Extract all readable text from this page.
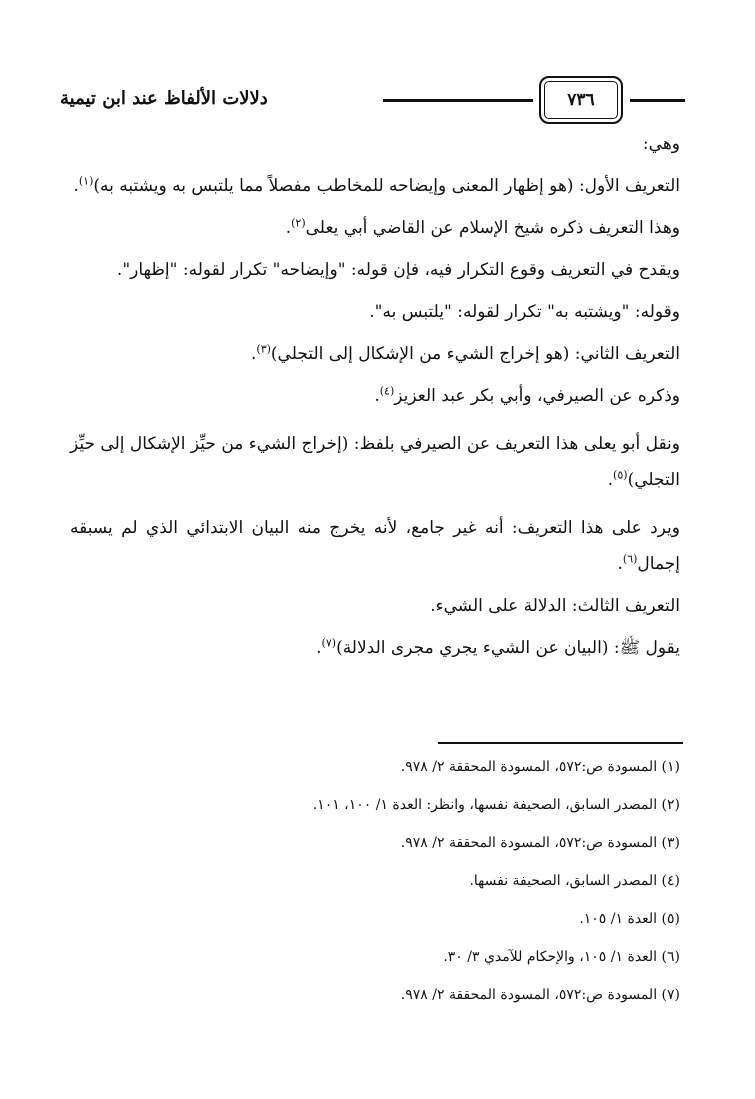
٧٣٦
دلالات الألفاظ عند ابن تيمية

وهي:

التعريف الأول: (هو إظهار المعنى وإيضاحه للمخاطب مفصلاً مما يلتبس به ويشتبه به)$^{(١)}$.

وهذا التعريف ذكره شيخ الإسلام عن القاضي أبي يعلى$^{(٢)}$.

ويقدح في التعريف وقوع التكرار فيه، فإن قوله: "وإيضاحه" تكرار لقوله: "إظهار".

وقوله: "ويشتبه به" تكرار لقوله: "يلتبس به".

التعريف الثاني: (هو إخراج الشيء من الإشكال إلى التجلي)$^{(٣)}$.

وذكره عن الصيرفي، وأبي بكر عبد العزيز$^{(٤)}$.

ونقل أبو يعلى هذا التعريف عن الصيرفي بلفظ: (إخراج الشيء من حيِّز الإشكال إلى حيِّز التجلي)$^{(٥)}$.

ويرد على هذا التعريف: أنه غير جامع، لأنه يخرج منه البيان الابتدائي الذي لم يسبقه إجمال$^{(٦)}$.

التعريف الثالث: الدلالة على الشيء.

يقول ﷺ: (البيان عن الشيء يجري مجرى الدلالة)$^{(٧)}$.

(١) المسودة ص:٥٧٢، المسودة المحققة ٢/ ٩٧٨.

(٢) المصدر السابق، الصحيفة نفسها، وانظر: العدة ١/ ١٠٠، ١٠١.

(٣) المسودة ص:٥٧٢، المسودة المحققة ٢/ ٩٧٨.

(٤) المصدر السابق، الصحيفة نفسها.

(٥) العدة ١/ ١٠٥.

(٦) العدة ١/ ١٠٥، والإحكام للآمدي ٣/ ٣٠.

(٧) المسودة ص:٥٧٢، المسودة المحققة ٢/ ٩٧٨.
